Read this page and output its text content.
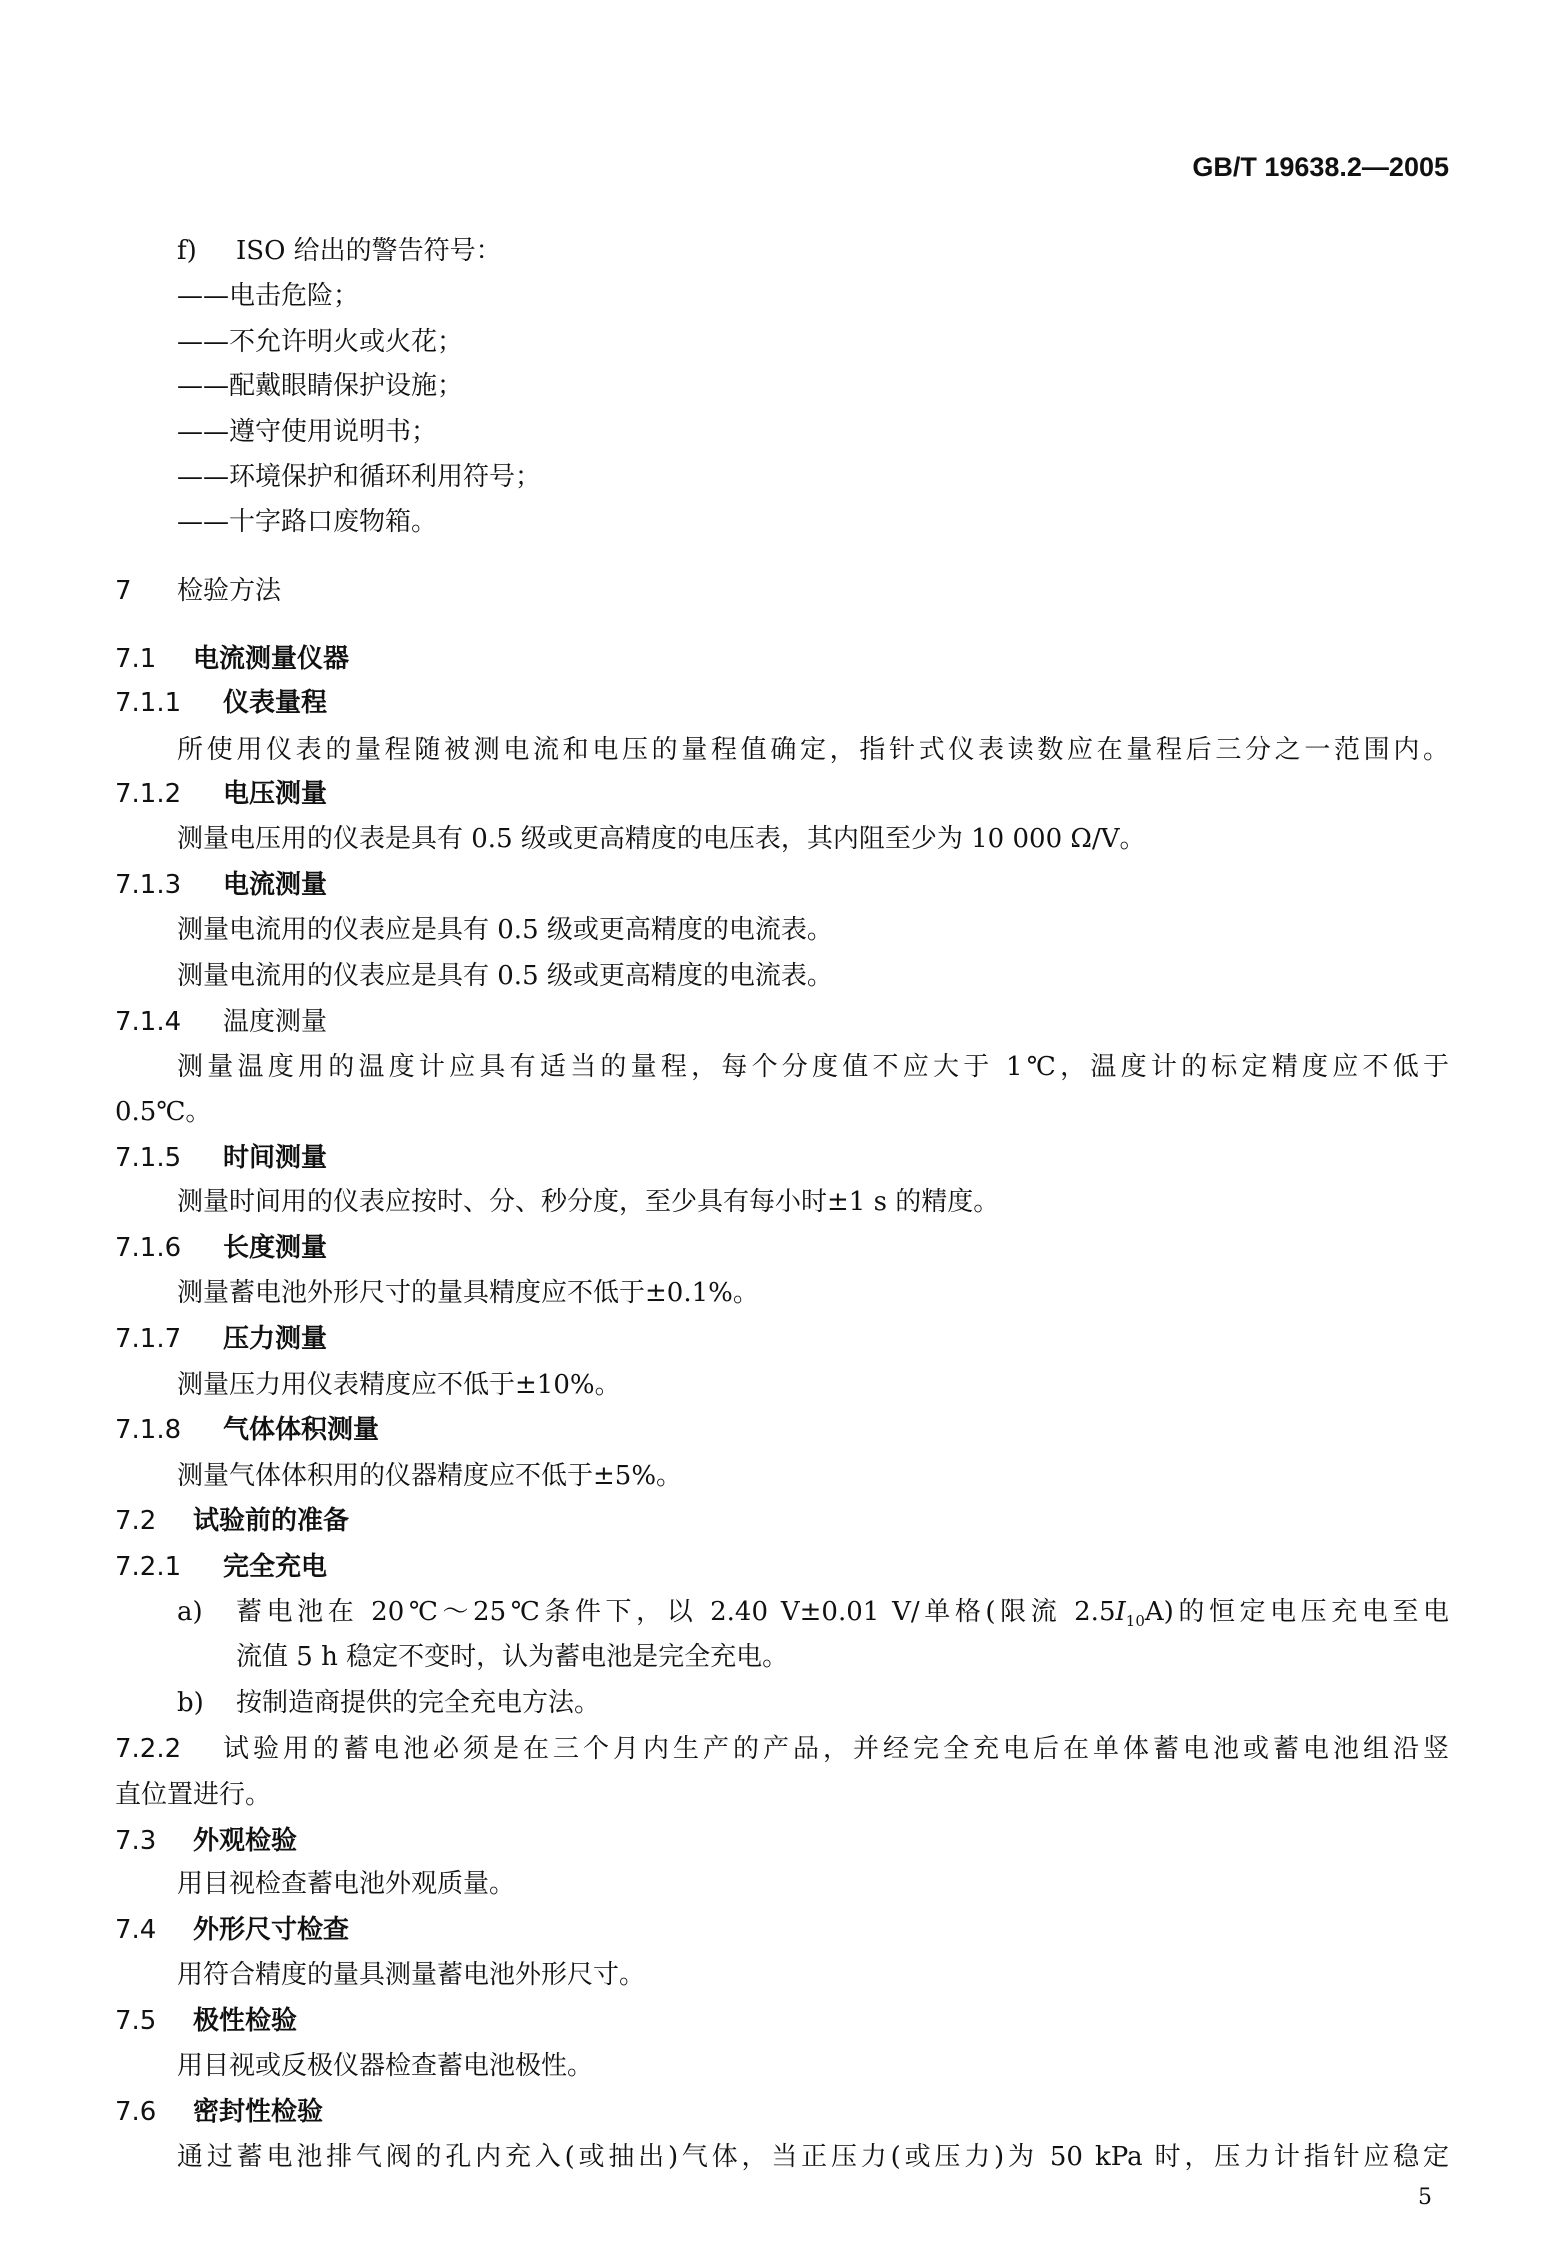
GB/T 19638.2—2005
f) ISO 给出的警告符号：
——电击危险；
——不允许明火或火花；
——配戴眼睛保护设施；
——遵守使用说明书；
——环境保护和循环利用符号；
——十字路口废物箱。
7 检验方法
7.1 电流测量仪器
7.1.1 仪表量程
所使用仪表的量程随被测电流和电压的量程值确定，指针式仪表读数应在量程后三分之一范围内。
7.1.2 电压测量
测量电压用的仪表是具有 0.5 级或更高精度的电压表，其内阻至少为 10 000 Ω/V。
7.1.3 电流测量
测量电流用的仪表应是具有 0.5 级或更高精度的电流表。
测量电流用的仪表应是具有 0.5 级或更高精度的电流表。
7.1.4 温度测量
测量温度用的温度计应具有适当的量程，每个分度值不应大于 1℃，温度计的标定精度应不低于
0.5℃。
7.1.5 时间测量
测量时间用的仪表应按时、分、秒分度，至少具有每小时±1 s 的精度。
7.1.6 长度测量
测量蓄电池外形尺寸的量具精度应不低于±0.1%。
7.1.7 压力测量
测量压力用仪表精度应不低于±10%。
7.1.8 气体体积测量
测量气体体积用的仪器精度应不低于±5%。
7.2 试验前的准备
7.2.1 完全充电
a) 蓄电池在 20℃～25℃条件下，以 2.40 V±0.01 V/单格(限流 $2.5I_{10}A$)的恒定电压充电至电
流值 5 h 稳定不变时，认为蓄电池是完全充电。
b) 按制造商提供的完全充电方法。
7.2.2	试验用的蓄电池必须是在三个月内生产的产品，并经完全充电后在单体蓄电池或蓄电池组沿竖
直位置进行。
7.3 外观检验
用目视检查蓄电池外观质量。
7.4 外形尺寸检查
用符合精度的量具测量蓄电池外形尺寸。
7.5 极性检验
用目视或反极仪器检查蓄电池极性。
7.6 密封性检验
通过蓄电池排气阀的孔内充入(或抽出)气体，当正压力(或压力)为 50 kPa 时，压力计指针应稳定
5
